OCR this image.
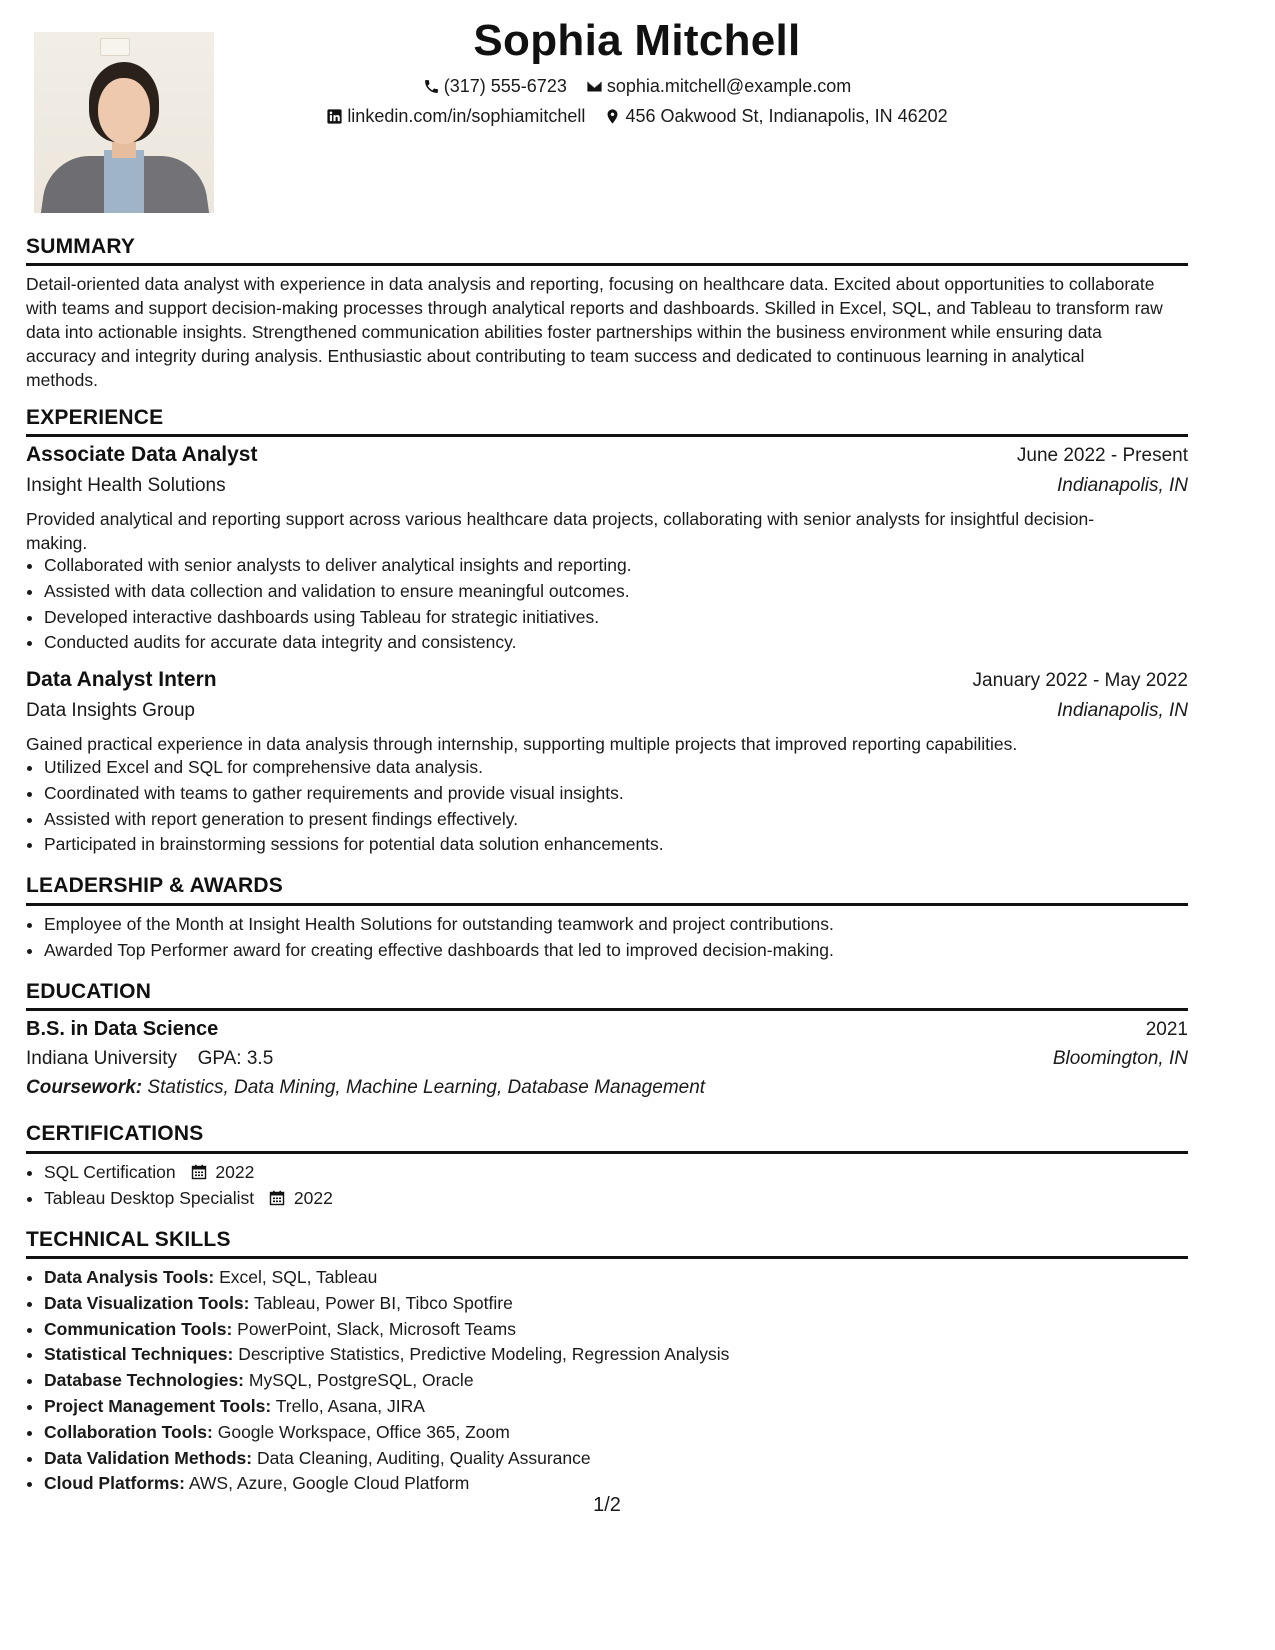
Sophia Mitchell
(317) 555-6723
sophia.mitchell@example.com
linkedin.com/in/sophiamitchell
456 Oakwood St, Indianapolis, IN 46202
SUMMARY
Detail-oriented data analyst with experience in data analysis and reporting, focusing on healthcare data. Excited about opportunities to collaborate
with teams and support decision-making processes through analytical reports and dashboards. Skilled in Excel, SQL, and Tableau to transform raw
data into actionable insights. Strengthened communication abilities foster partnerships within the business environment while ensuring data
accuracy and integrity during analysis. Enthusiastic about contributing to team success and dedicated to continuous learning in analytical
methods.
EXPERIENCE
Associate Data Analyst	June 2022 - Present
Insight Health Solutions	Indianapolis, IN
Provided analytical and reporting support across various healthcare data projects, collaborating with senior analysts for insightful decision-
making.
• Collaborated with senior analysts to deliver analytical insights and reporting.
• Assisted with data collection and validation to ensure meaningful outcomes.
• Developed interactive dashboards using Tableau for strategic initiatives.
• Conducted audits for accurate data integrity and consistency.
Data Analyst Intern	January 2022 - May 2022
Data Insights Group	Indianapolis, IN
Gained practical experience in data analysis through internship, supporting multiple projects that improved reporting capabilities.
• Utilized Excel and SQL for comprehensive data analysis.
• Coordinated with teams to gather requirements and provide visual insights.
• Assisted with report generation to present findings effectively.
• Participated in brainstorming sessions for potential data solution enhancements.
LEADERSHIP & AWARDS
• Employee of the Month at Insight Health Solutions for outstanding teamwork and project contributions.
• Awarded Top Performer award for creating effective dashboards that led to improved decision-making.
EDUCATION
B.S. in Data Science	2021
Indiana University GPA: 3.5	Bloomington, IN
Coursework: Statistics, Data Mining, Machine Learning, Database Management
CERTIFICATIONS
• SQL Certification 2022
• Tableau Desktop Specialist 2022
TECHNICAL SKILLS
• Data Analysis Tools: Excel, SQL, Tableau
• Data Visualization Tools: Tableau, Power BI, Tibco Spotfire
• Communication Tools: PowerPoint, Slack, Microsoft Teams
• Statistical Techniques: Descriptive Statistics, Predictive Modeling, Regression Analysis
• Database Technologies: MySQL, PostgreSQL, Oracle
• Project Management Tools: Trello, Asana, JIRA
• Collaboration Tools: Google Workspace, Office 365, Zoom
• Data Validation Methods: Data Cleaning, Auditing, Quality Assurance
• Cloud Platforms: AWS, Azure, Google Cloud Platform
1/2
